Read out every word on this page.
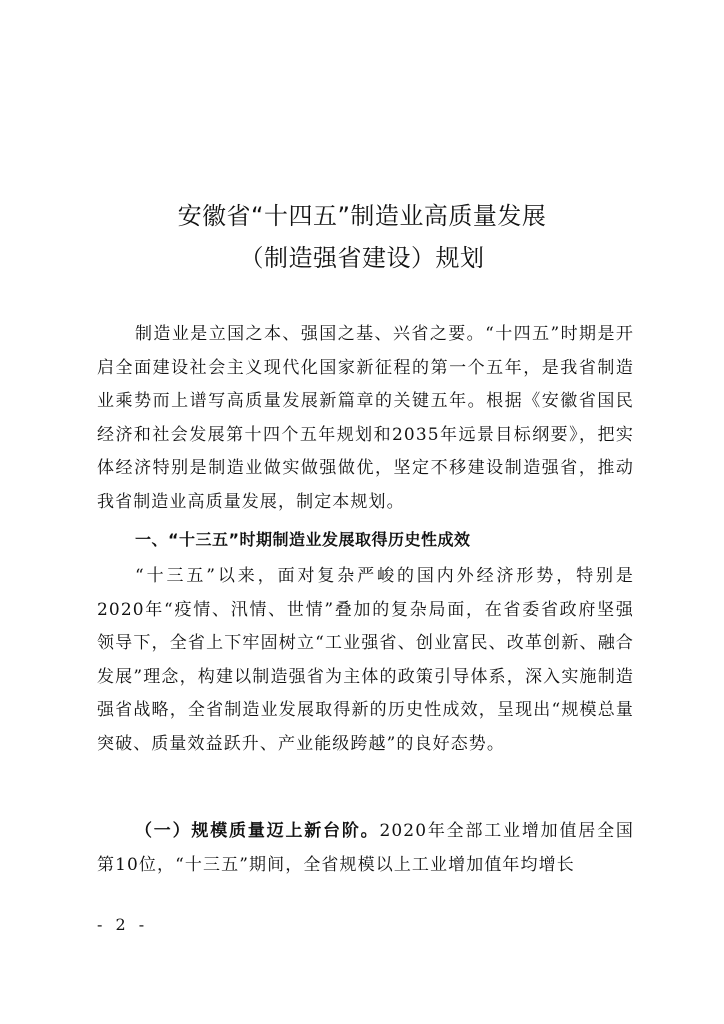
安徽省“十四五”制造业高质量发展
（制造强省建设）规划

制造业是立国之本、强国之基、兴省之要。“十四五”时期是开启全面建设社会主义现代化国家新征程的第一个五年，是我省制造业乘势而上谱写高质量发展新篇章的关键五年。根据《安徽省国民经济和社会发展第十四个五年规划和2035年远景目标纲要》，把实体经济特别是制造业做实做强做优，坚定不移建设制造强省，推动我省制造业高质量发展，制定本规划。

一、“十三五”时期制造业发展取得历史性成效

“十三五”以来，面对复杂严峻的国内外经济形势，特别是2020年“疫情、汛情、世情”叠加的复杂局面，在省委省政府坚强领导下，全省上下牢固树立“工业强省、创业富民、改革创新、融合发展”理念，构建以制造强省为主体的政策引导体系，深入实施制造强省战略，全省制造业发展取得新的历史性成效，呈现出“规模总量突破、质量效益跃升、产业能级跨越”的良好态势。

（一）规模质量迈上新台阶。2020年全部工业增加值居全国第10位，“十三五”期间，全省规模以上工业增加值年均增长

- 2 -
